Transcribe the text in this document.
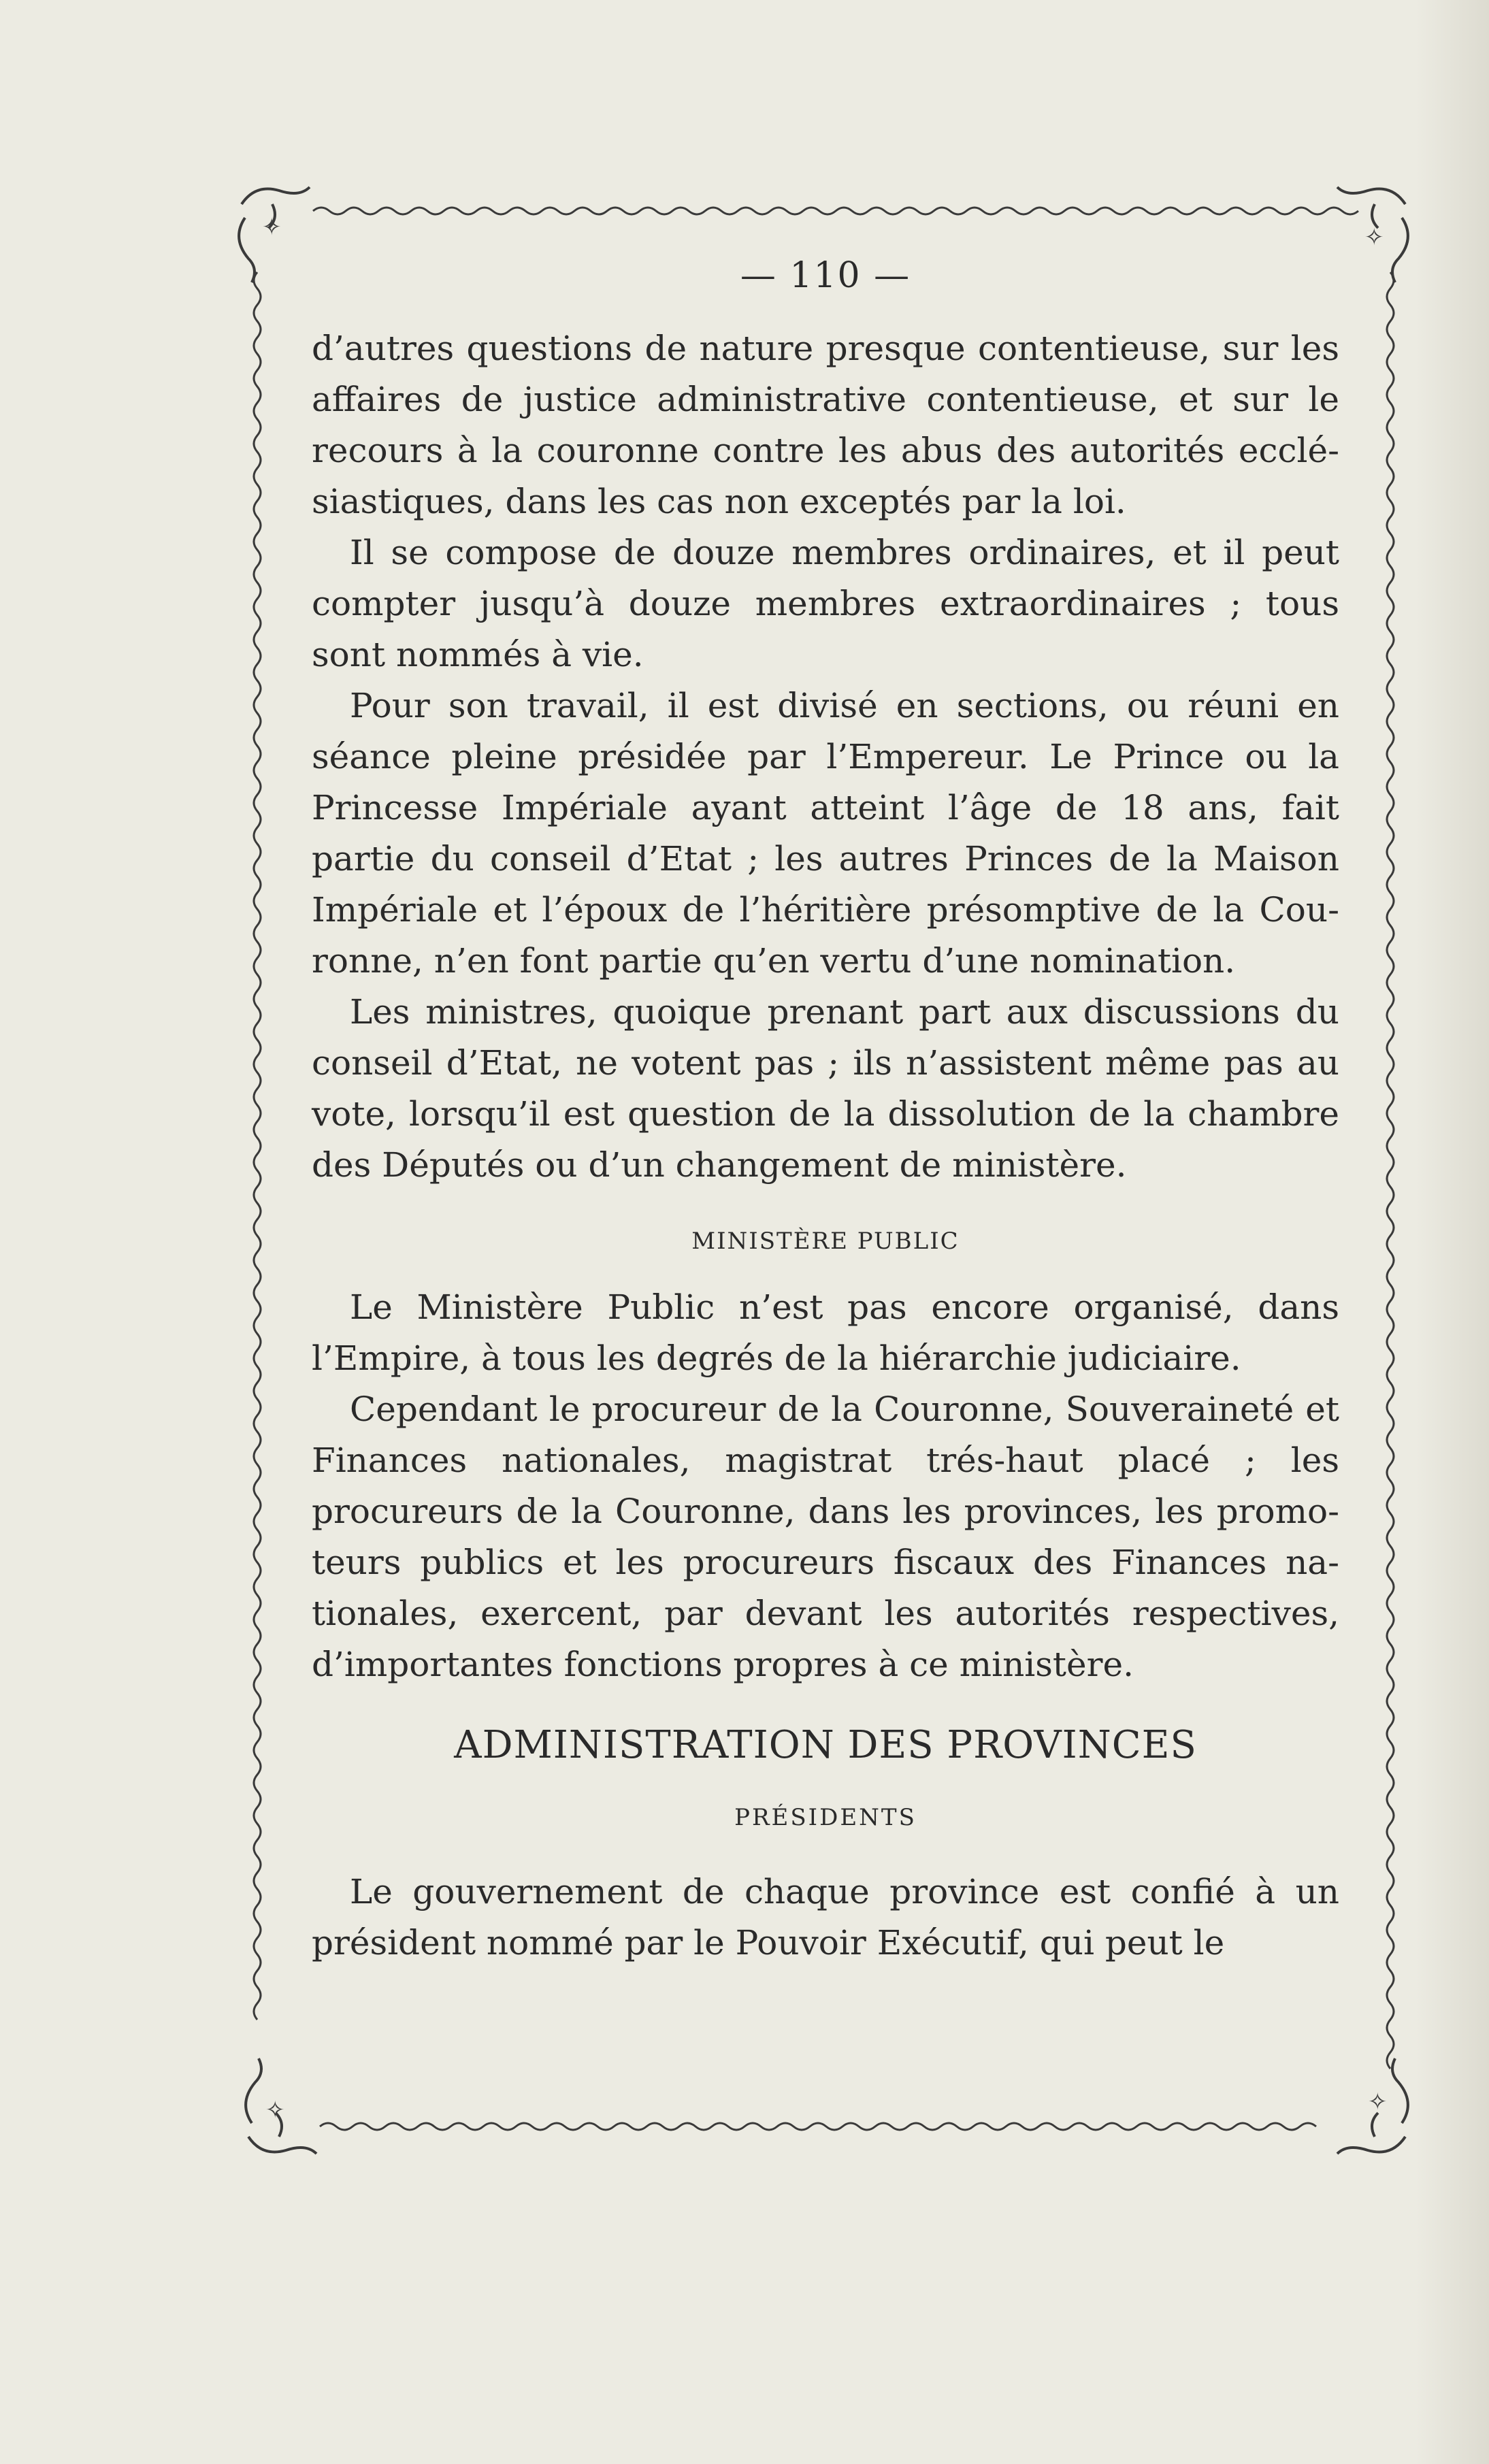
✧	✧
✧	✧
— 110 —

d’autres questions de nature presque contentieuse, sur les affaires de justice administrative contentieuse, et sur le recours à la couronne contre les abus des autorités ecclésiastiques, dans les cas non exceptés par la loi.

Il se compose de douze membres ordinaires, et il peut compter jusqu’à douze membres extraordinaires ; tous sont nommés à vie.

Pour son travail, il est divisé en sections, ou réuni en séance pleine présidée par l’Empereur. Le Prince ou la Princesse Impériale ayant atteint l’âge de 18 ans, fait partie du conseil d’Etat ; les autres Princes de la Maison Impériale et l’époux de l’héritière présomptive de la Couronne, n’en font partie qu’en vertu d’une nomination.

Les ministres, quoique prenant part aux discussions du conseil d’Etat, ne votent pas ; ils n’assistent même pas au vote, lorsqu’il est question de la dissolution de la chambre des Députés ou d’un changement de ministère.

MINISTÈRE PUBLIC

Le Ministère Public n’est pas encore organisé, dans l’Empire, à tous les degrés de la hiérarchie judiciaire.

Cependant le procureur de la Couronne, Souveraineté et Finances nationales, magistrat trés-haut placé ; les procureurs de la Couronne, dans les provinces, les promoteurs publics et les procureurs fiscaux des Finances nationales, exercent, par devant les autorités respectives, d’importantes fonctions propres à ce ministère.

ADMINISTRATION DES PROVINCES
PRÉSIDENTS

Le gouvernement de chaque province est confié à un président nommé par le Pouvoir Exécutif, qui peut le
